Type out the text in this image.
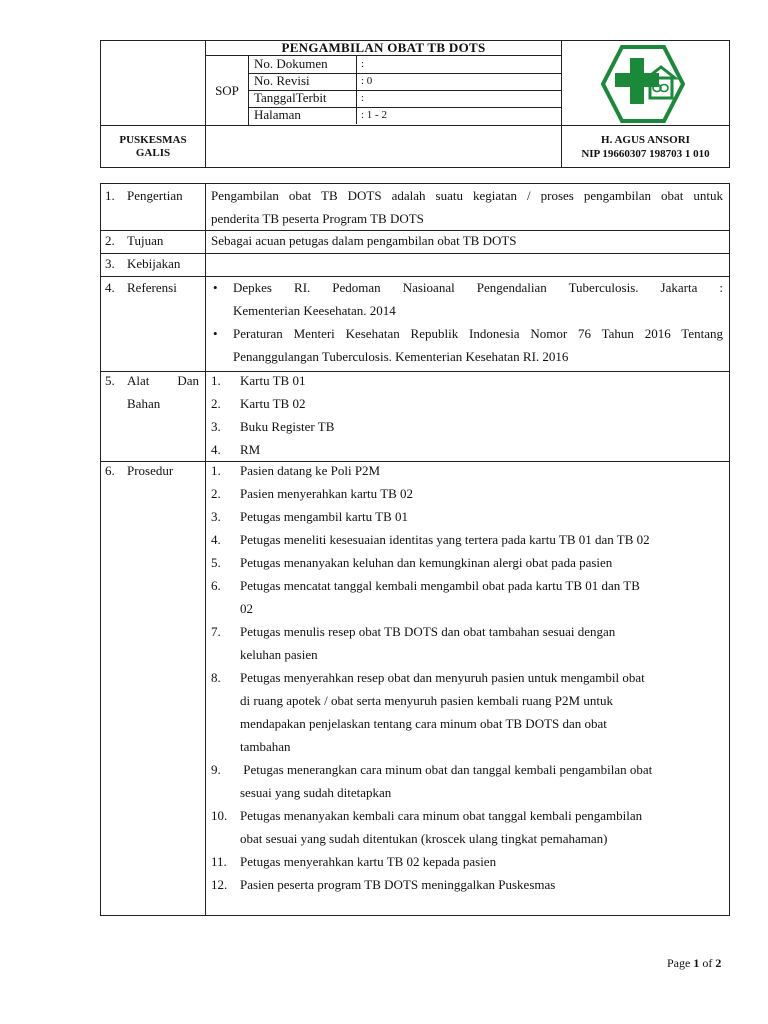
PENGAMBILAN OBAT TB DOTS
SOP
No. Dokumen	:
No. Revisi	: 0
TanggalTerbit	:
Halaman	: 1 - 2
PUSKESMAS
GALIS
H. AGUS ANSORI
NIP 19660307 198703 1 010
1. Pengertian Pengambilan obat TB DOTS adalah suatu kegiatan / proses pengambilan obat untuk
penderita TB peserta Program TB DOTS
2. Tujuan	Sebagai acuan petugas dalam pengambilan obat TB DOTS
3. Kebijakan
4. Referensi	• Depkes RI. Pedoman Nasioanal Pengendalian Tuberculosis. Jakarta :
Kementerian Keesehatan. 2014
• Peraturan Menteri Kesehatan Republik Indonesia Nomor 76 Tahun 2016 Tentang
Penanggulangan Tuberculosis. Kementerian Kesehatan RI. 2016
5. Alat Dan
Bahan
1. Kartu TB 01
2. Kartu TB 02
3. Buku Register TB
4. RM
6. Prosedur	1. Pasien datang ke Poli P2M
2. Pasien menyerahkan kartu TB 02
3. Petugas mengambil kartu TB 01
4. Petugas meneliti kesesuaian identitas yang tertera pada kartu TB 01 dan TB 02
5. Petugas menanyakan keluhan dan kemungkinan alergi obat pada pasien
6. Petugas mencatat tanggal kembali mengambil obat pada kartu TB 01 dan TB
02
7. Petugas menulis resep obat TB DOTS dan obat tambahan sesuai dengan
keluhan pasien
8. Petugas menyerahkan resep obat dan menyuruh pasien untuk mengambil obat
di ruang apotek / obat serta menyuruh pasien kembali ruang P2M untuk
mendapakan penjelaskan tentang cara minum obat TB DOTS dan obat
tambahan
9. Petugas menerangkan cara minum obat dan tanggal kembali pengambilan obat
sesuai yang sudah ditetapkan
10. Petugas menanyakan kembali cara minum obat tanggal kembali pengambilan
obat sesuai yang sudah ditentukan (kroscek ulang tingkat pemahaman)
11. Petugas menyerahkan kartu TB 02 kepada pasien
12. Pasien peserta program TB DOTS meninggalkan Puskesmas
Page 1 of 2
